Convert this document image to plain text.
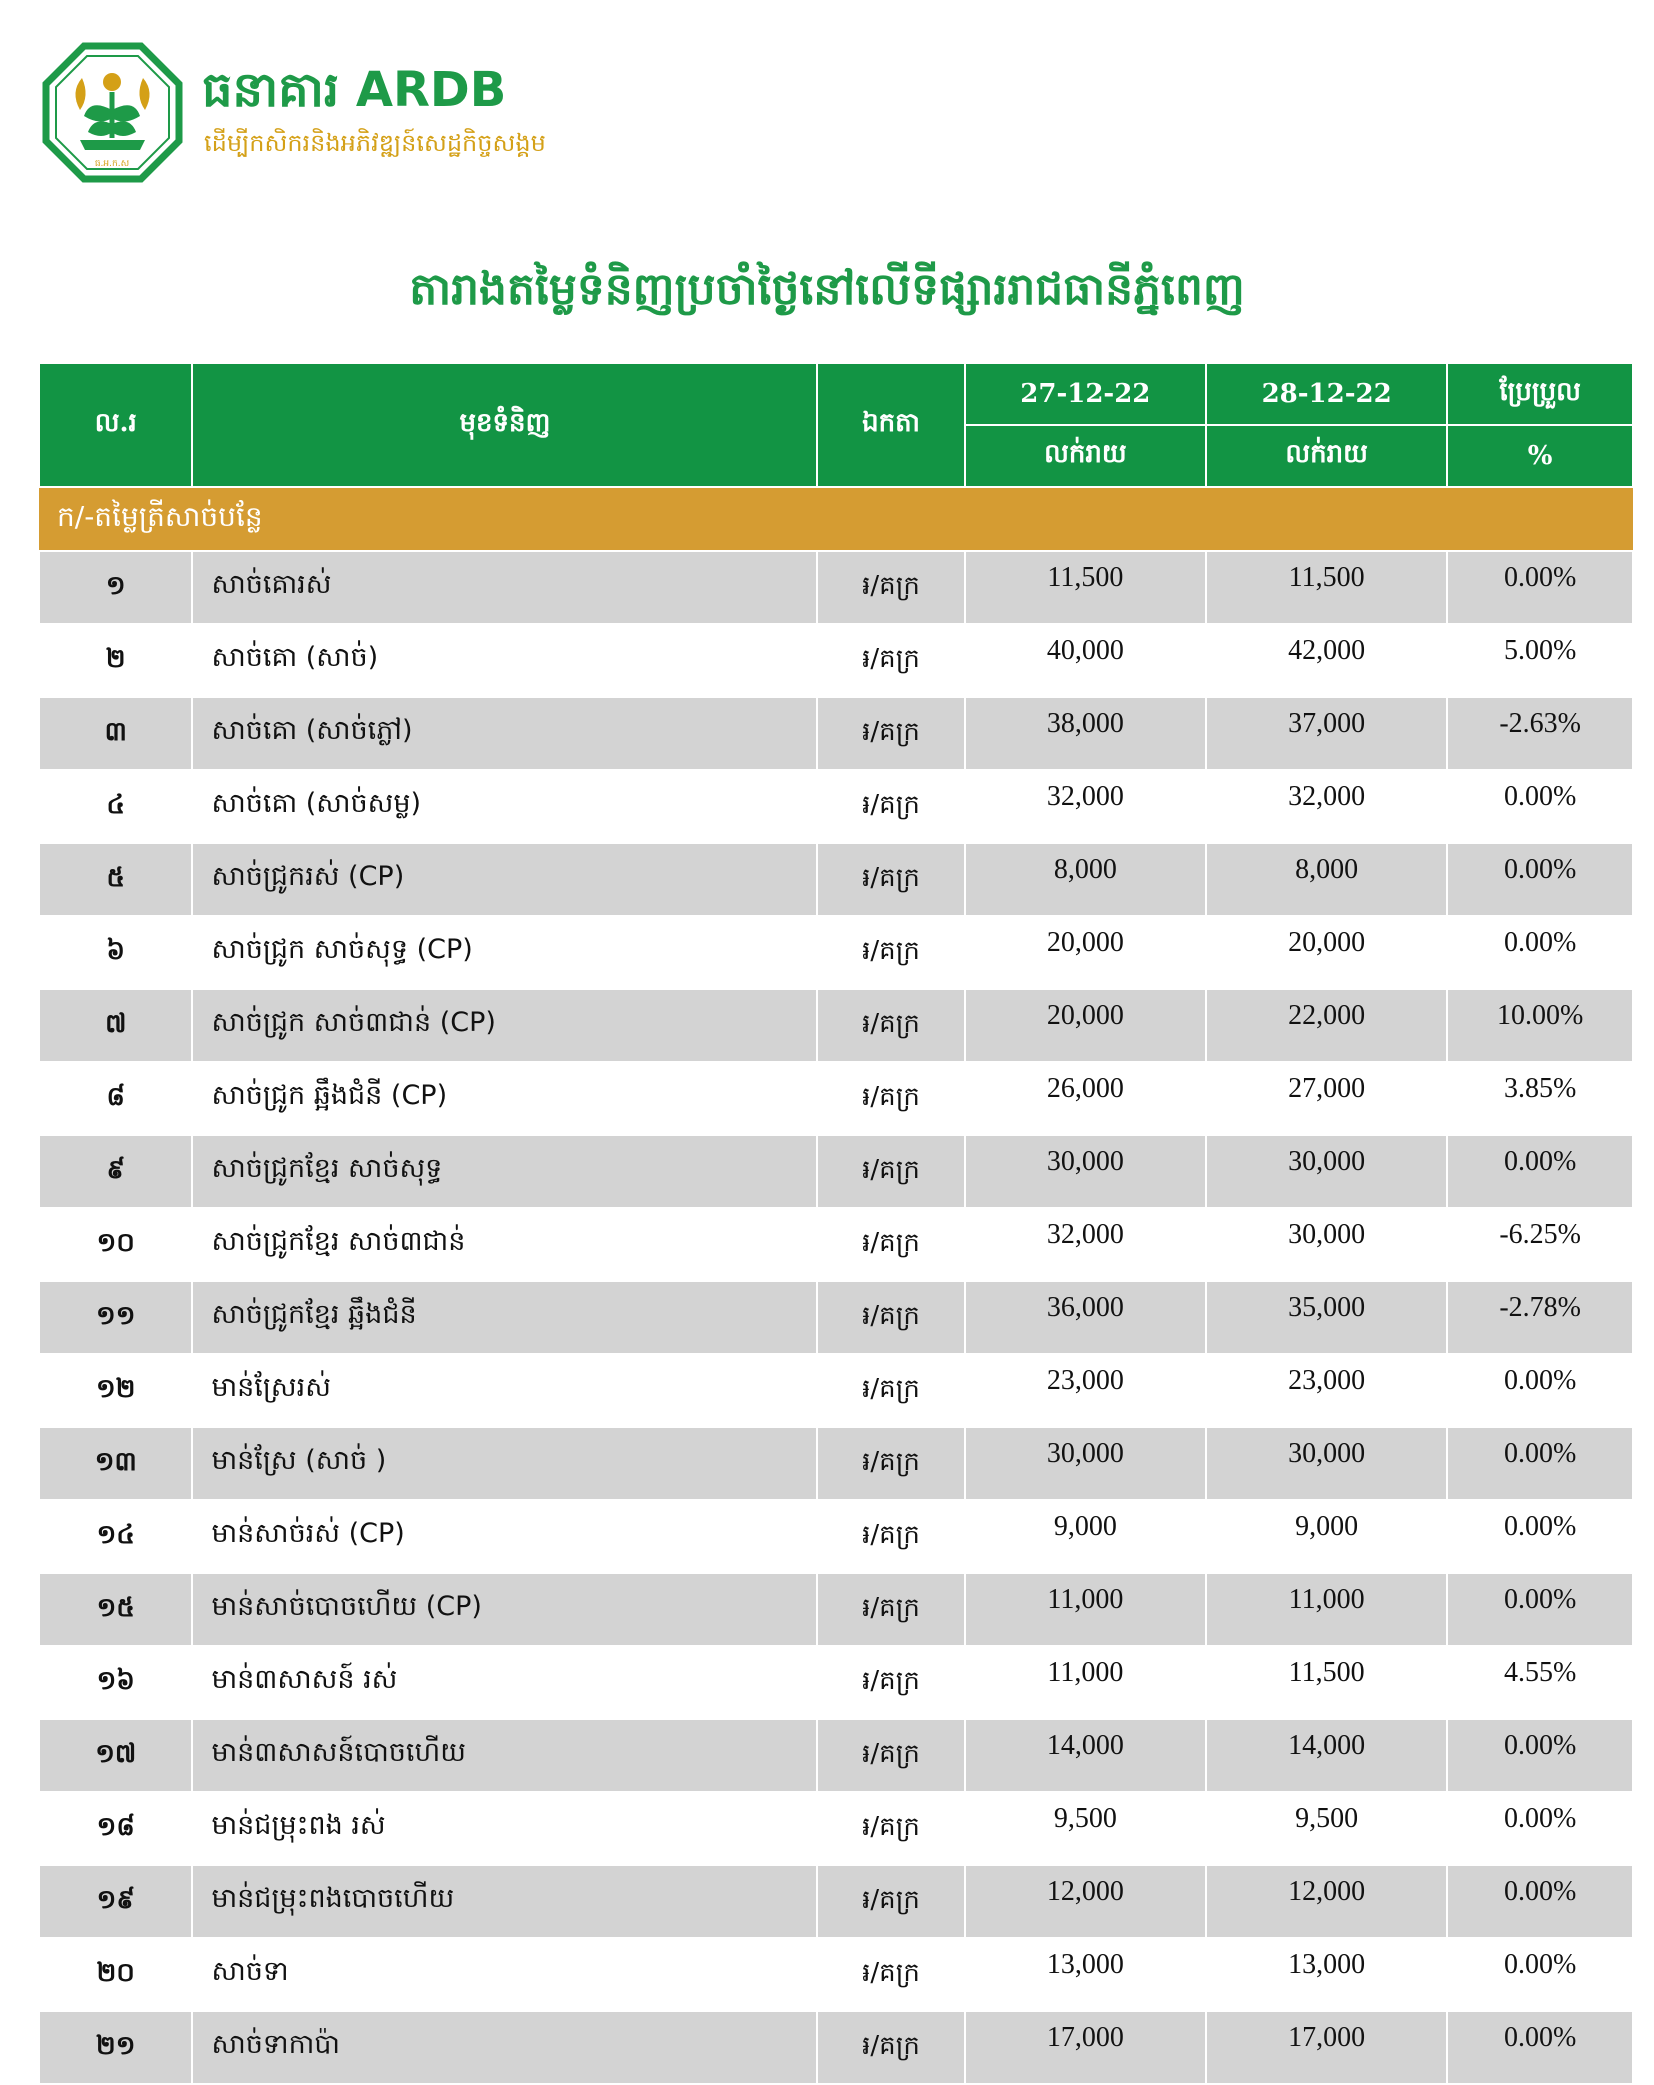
ធ.អ.ក.ស
ធនាគារ ARDB
ដើម្បីកសិករនិងអភិវឌ្ឍន៍សេដ្ឋកិច្ចសង្គម
តារាងតម្លៃទំនិញប្រចាំថ្ងៃនៅលើទីផ្សាររាជធានីភ្នំពេញ
ល.រ	មុខទំនិញ	ឯកតា	27-12-22	28-12-22	ប្រែប្រួល
			លក់រាយ	លក់រាយ	%
ក/-តម្លៃត្រីសាច់បន្លែ					
១	សាច់គោរស់	៛/គក្រ	11,500	11,500	0.00%
២	សាច់គោ (សាច់)	៛/គក្រ	40,000	42,000	5.00%
៣	សាច់គោ (សាច់ភ្លៅ)	៛/គក្រ	38,000	37,000	-2.63%
៤	សាច់គោ (សាច់សម្ល)	៛/គក្រ	32,000	32,000	0.00%
៥	សាច់ជ្រូករស់ (CP)	៛/គក្រ	8,000	8,000	0.00%
៦	សាច់ជ្រូក សាច់សុទ្ធ (CP)	៛/គក្រ	20,000	20,000	0.00%
៧	សាច់ជ្រូក សាច់៣ជាន់ (CP)	៛/គក្រ	20,000	22,000	10.00%
៨	សាច់ជ្រូក ឆ្អឹងជំនី (CP)	៛/គក្រ	26,000	27,000	3.85%
៩	សាច់ជ្រូកខ្មែរ សាច់សុទ្ធ	៛/គក្រ	30,000	30,000	0.00%
១០	សាច់ជ្រូកខ្មែរ សាច់៣ជាន់	៛/គក្រ	32,000	30,000	-6.25%
១១	សាច់ជ្រូកខ្មែរ ឆ្អឹងជំនី	៛/គក្រ	36,000	35,000	-2.78%
១២	មាន់ស្រែរស់	៛/គក្រ	23,000	23,000	0.00%
១៣	មាន់ស្រែ (សាច់ )	៛/គក្រ	30,000	30,000	0.00%
១៤	មាន់សាច់រស់ (CP)	៛/គក្រ	9,000	9,000	0.00%
១៥	មាន់សាច់បោចហើយ (CP)	៛/គក្រ	11,000	11,000	0.00%
១៦	មាន់៣សាសន៍ រស់	៛/គក្រ	11,000	11,500	4.55%
១៧	មាន់៣សាសន៍បោចហើយ	៛/គក្រ	14,000	14,000	0.00%
១៨	មាន់ជម្រុះពង រស់	៛/គក្រ	9,500	9,500	0.00%
១៩	មាន់ជម្រុះពងបោចហើយ	៛/គក្រ	12,000	12,000	0.00%
២០	សាច់ទា	៛/គក្រ	13,000	13,000	0.00%
២១	សាច់ទាកាប៉ា	៛/គក្រ	17,000	17,000	0.00%
